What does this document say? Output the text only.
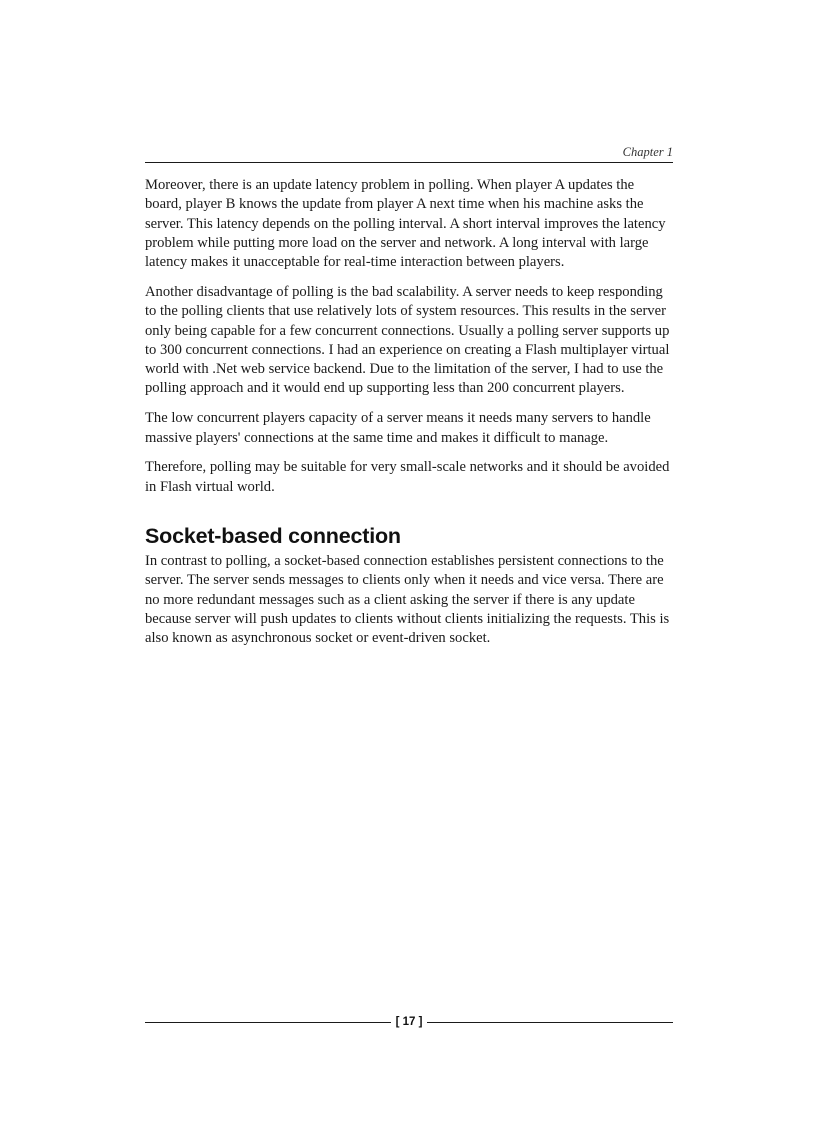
Chapter 1

Moreover, there is an update latency problem in polling. When player A updates the board, player B knows the update from player A next time when his machine asks the server. This latency depends on the polling interval. A short interval improves the latency problem while putting more load on the server and network. A long interval with large latency makes it unacceptable for real-time interaction between players.

Another disadvantage of polling is the bad scalability. A server needs to keep responding to the polling clients that use relatively lots of system resources. This results in the server only being capable for a few concurrent connections. Usually a polling server supports up to 300 concurrent connections. I had an experience on creating a Flash multiplayer virtual world with .Net web service backend. Due to the limitation of the server, I had to use the polling approach and it would end up supporting less than 200 concurrent players.

The low concurrent players capacity of a server means it needs many servers to handle massive players' connections at the same time and makes it difficult to manage.

Therefore, polling may be suitable for very small-scale networks and it should be avoided in Flash virtual world.

Socket-based connection

In contrast to polling, a socket-based connection establishes persistent connections to the server. The server sends messages to clients only when it needs and vice versa. There are no more redundant messages such as a client asking the server if there is any update because server will push updates to clients without clients initializing the requests. This is also known as asynchronous socket or event-driven socket.

[ 17 ]
